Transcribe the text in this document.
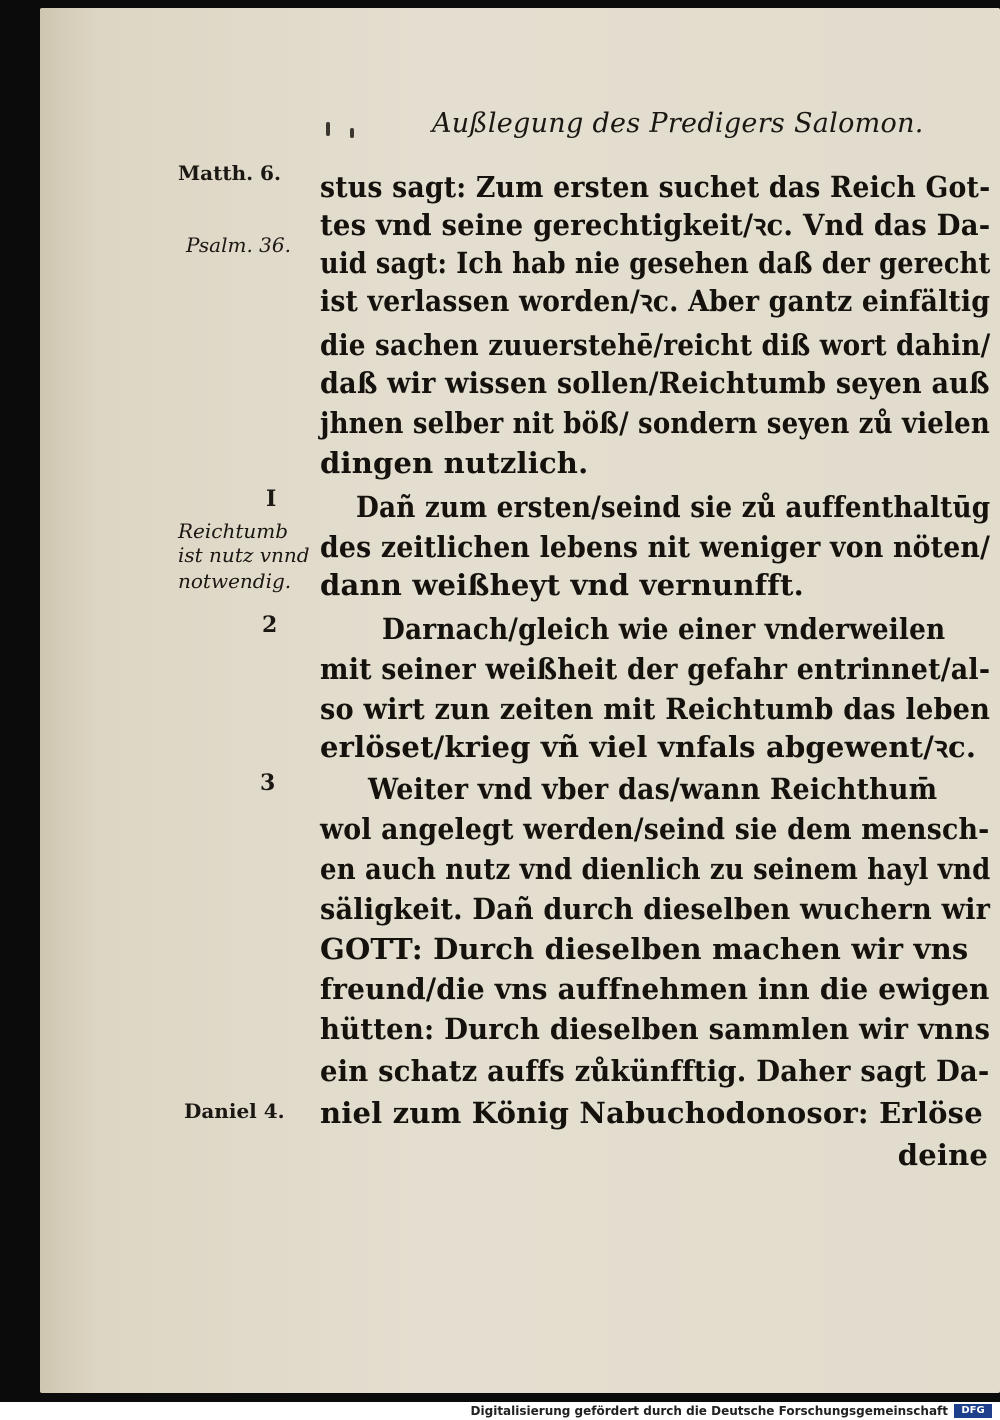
Außlegung des Predigers Salomon.
Matth. 6.
Psalm. 36.
I
Reichtumb
ist nutz vnnd
notwendig.
2
3
Daniel 4.
stus sagt: Zum ersten suchet das Reich Got-
tes vnd seine gerechtigkeit/ꝛc. Vnd das Da-
uid sagt: Ich hab nie gesehen daß der gerecht
ist verlassen worden/ꝛc. Aber gantz einfältig
die sachen zuuerstehē/reicht diß wort dahin/
daß wir wissen sollen/Reichtumb seyen auß
jhnen selber nit böß/ sondern seyen zů vielen
dingen nutzlich.
Dañ zum ersten/seind sie zů auffenthaltūg
des zeitlichen lebens nit weniger von nöten/
dann weißheyt vnd vernunfft.
Darnach/gleich wie einer vnderweilen
mit seiner weißheit der gefahr entrinnet/al-
so wirt zun zeiten mit Reichtumb das leben
erlöset/krieg vñ viel vnfals abgewent/ꝛc.
Weiter vnd vber das/wann Reichthum̄
wol angelegt werden/seind sie dem mensch-
en auch nutz vnd dienlich zu seinem hayl vnd
säligkeit. Dañ durch dieselben wuchern wir
GOTT: Durch dieselben machen wir vns
freund/die vns auffnehmen inn die ewigen
hütten: Durch dieselben sammlen wir vnns
ein schatz auffs zůkünfftig. Daher sagt Da-
niel zum König Nabuchodonosor: Erlöse
deine
Digitalisierung gefördert durch die Deutsche Forschungsgemeinschaft	DFG
